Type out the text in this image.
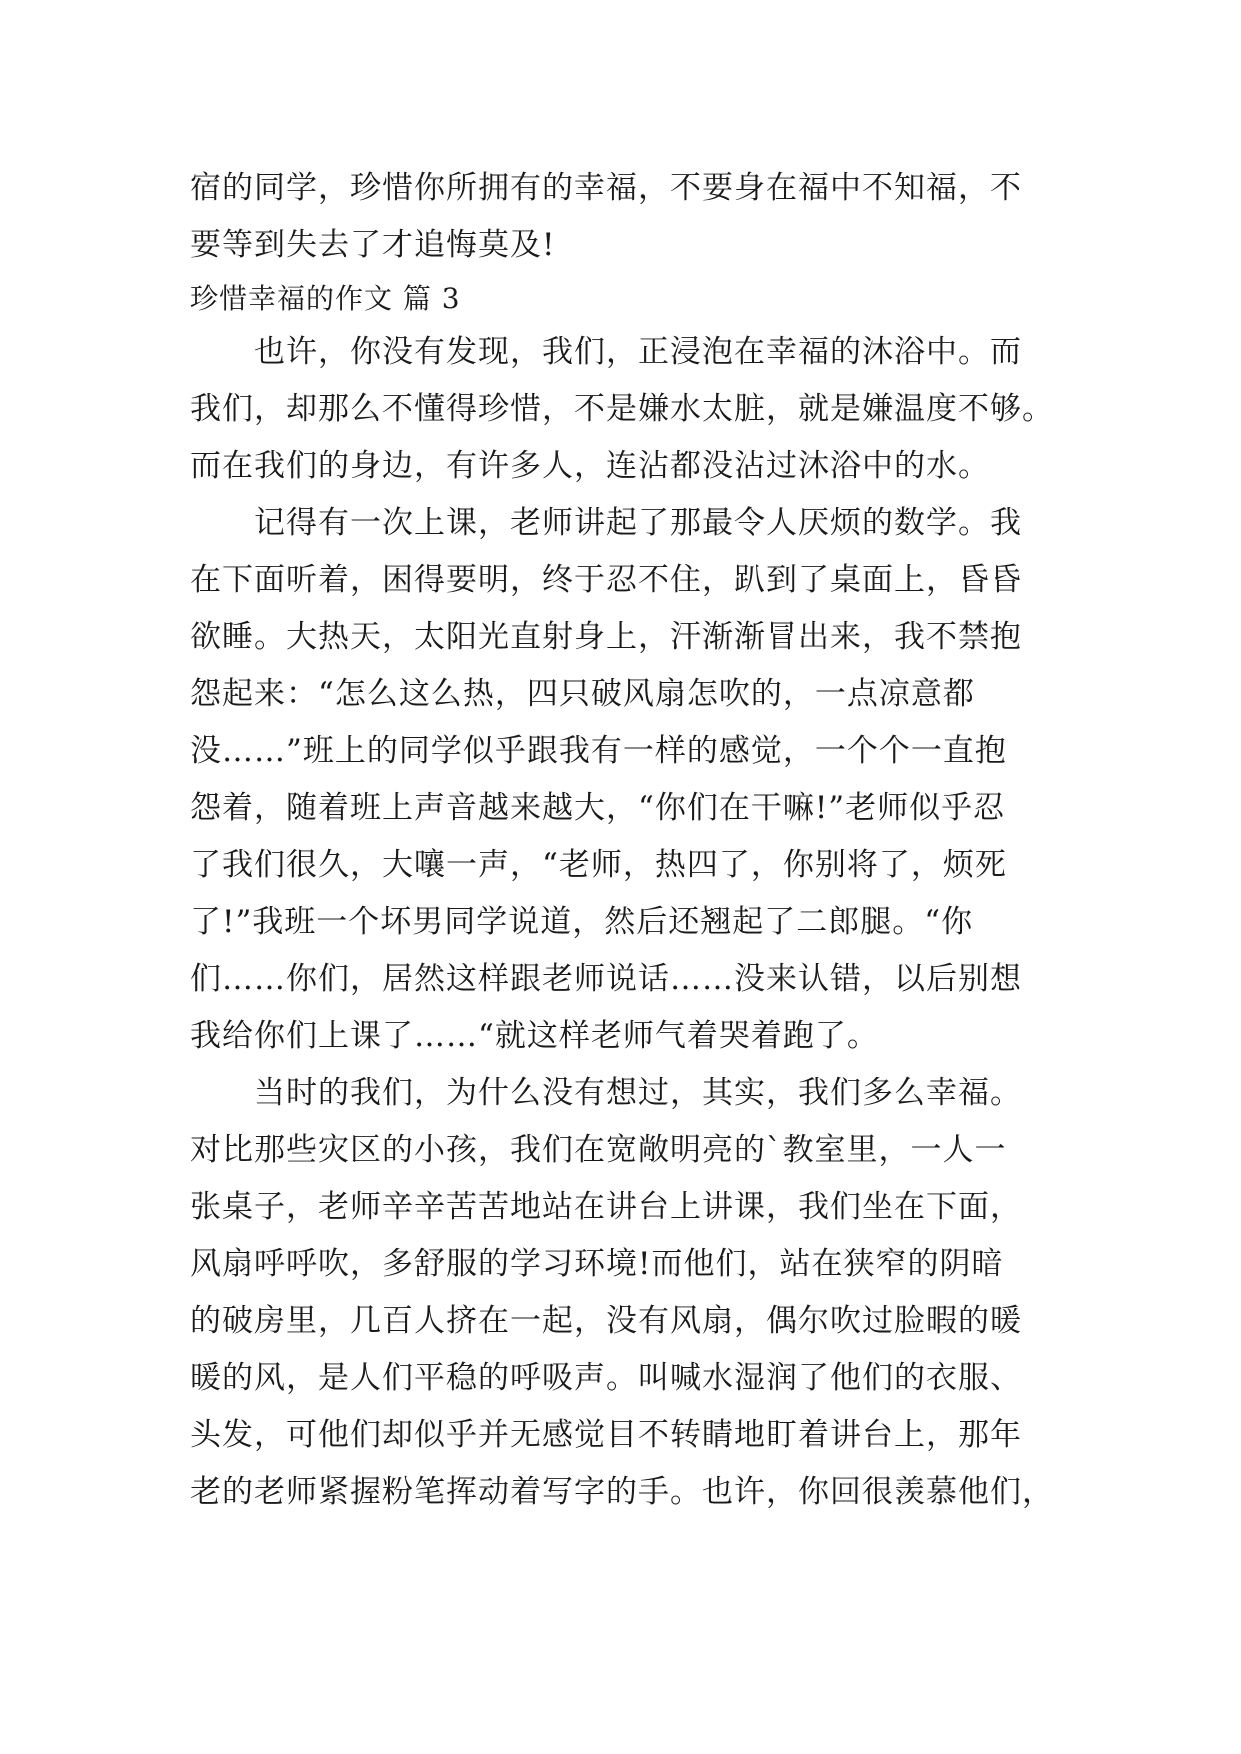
宿的同学，珍惜你所拥有的幸福，不要身在福中不知福，不
要等到失去了才追悔莫及!
珍惜幸福的作文 篇 3
也许，你没有发现，我们，正浸泡在幸福的沐浴中。而
我们，却那么不懂得珍惜，不是嫌水太脏，就是嫌温度不够。
而在我们的身边，有许多人，连沾都没沾过沐浴中的水。
记得有一次上课，老师讲起了那最令人厌烦的数学。我
在下面听着，困得要明，终于忍不住，趴到了桌面上，昏昏
欲睡。大热天，太阳光直射身上，汗渐渐冒出来，我不禁抱
怨起来：“怎么这么热，四只破风扇怎吹的，一点凉意都
没……”班上的同学似乎跟我有一样的感觉，一个个一直抱
怨着，随着班上声音越来越大，“你们在干嘛!”老师似乎忍
了我们很久，大嚷一声，“老师，热四了，你别将了，烦死
了!”我班一个坏男同学说道，然后还翘起了二郎腿。“你
们……你们，居然这样跟老师说话……没来认错，以后别想
我给你们上课了……“就这样老师气着哭着跑了。
当时的我们，为什么没有想过，其实，我们多么幸福。
对比那些灾区的小孩，我们在宽敞明亮的`教室里，一人一
张桌子，老师辛辛苦苦地站在讲台上讲课，我们坐在下面，
风扇呼呼吹，多舒服的学习环境!而他们，站在狭窄的阴暗
的破房里，几百人挤在一起，没有风扇，偶尔吹过脸暇的暖
暖的风，是人们平稳的呼吸声。叫喊水湿润了他们的衣服、
头发，可他们却似乎并无感觉目不转睛地盯着讲台上，那年
老的老师紧握粉笔挥动着写字的手。也许，你回很羡慕他们，
